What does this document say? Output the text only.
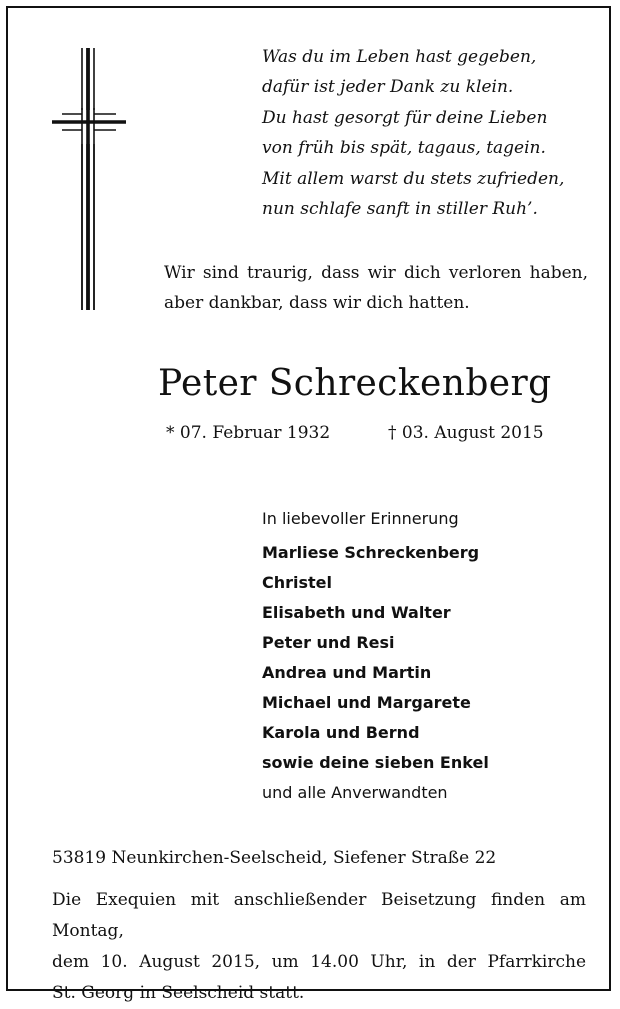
Was du im Leben hast gegeben,
dafür ist jeder Dank zu klein.
Du hast gesorgt für deine Lieben
von früh bis spät, tagaus, tagein.
Mit allem warst du stets zufrieden,
nun schlafe sanft in stiller Ruh’.
Wir sind traurig, dass wir dich verloren haben,
aber dankbar, dass wir dich hatten.
Peter Schreckenberg
* 07. Februar 1932	† 03. August 2015
In liebevoller Erinnerung
Marliese Schreckenberg
Christel
Elisabeth und Walter
Peter und Resi
Andrea und Martin
Michael und Margarete
Karola und Bernd
sowie deine sieben Enkel
und alle Anverwandten
53819 Neunkirchen-Seelscheid, Siefener Straße 22
Die Exequien mit anschließender Beisetzung finden am Montag,
dem 10. August 2015, um 14.00 Uhr, in der Pfarrkirche
St. Georg in Seelscheid statt.
